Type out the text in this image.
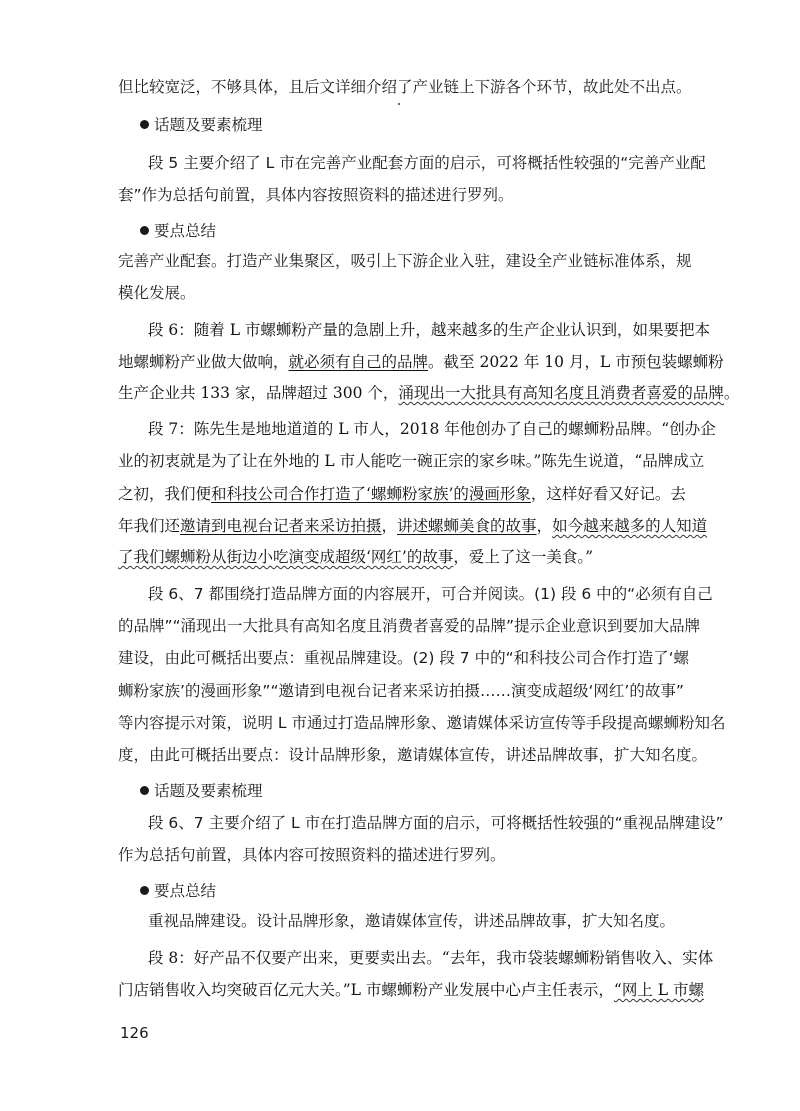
但比较宽泛，不够具体，且后文详细介绍了产业链上下游各个环节，故此处不出点。
话题及要素梳理
段 5 主要介绍了 L 市在完善产业配套方面的启示，可将概括性较强的“完善产业配
套”作为总括句前置，具体内容按照资料的描述进行罗列。
要点总结
完善产业配套。打造产业集聚区，吸引上下游企业入驻，建设全产业链标准体系，规
模化发展。
段 6：随着 L 市螺蛳粉产量的急剧上升，越来越多的生产企业认识到，如果要把本
地螺蛳粉产业做大做响，就必须有自己的品牌。截至 2022 年 10 月，L 市预包装螺蛳粉
生产企业共 133 家，品牌超过 300 个，涌现出一大批具有高知名度且消费者喜爱的品牌。
段 7：陈先生是地地道道的 L 市人，2018 年他创办了自己的螺蛳粉品牌。“创办企
业的初衷就是为了让在外地的 L 市人能吃一碗正宗的家乡味。”陈先生说道，“品牌成立
之初，我们便和科技公司合作打造了‘螺蛳粉家族’的漫画形象，这样好看又好记。去
年我们还邀请到电视台记者来采访拍摄，讲述螺蛳美食的故事，如今越来越多的人知道
了我们螺蛳粉从街边小吃演变成超级‘网红’的故事，爱上了这一美食。”
段 6、7 都围绕打造品牌方面的内容展开，可合并阅读。(1) 段 6 中的“必须有自己
的品牌”“涌现出一大批具有高知名度且消费者喜爱的品牌”提示企业意识到要加大品牌
建设，由此可概括出要点：重视品牌建设。(2) 段 7 中的“和科技公司合作打造了‘螺
蛳粉家族’的漫画形象”“邀请到电视台记者来采访拍摄……演变成超级‘网红’的故事”
等内容提示对策，说明 L 市通过打造品牌形象、邀请媒体采访宣传等手段提高螺蛳粉知名
度，由此可概括出要点：设计品牌形象，邀请媒体宣传，讲述品牌故事，扩大知名度。
话题及要素梳理
段 6、7 主要介绍了 L 市在打造品牌方面的启示，可将概括性较强的“重视品牌建设”
作为总括句前置，具体内容可按照资料的描述进行罗列。
要点总结
重视品牌建设。设计品牌形象，邀请媒体宣传，讲述品牌故事，扩大知名度。
段 8：好产品不仅要产出来，更要卖出去。“去年，我市袋装螺蛳粉销售收入、实体
门店销售收入均突破百亿元大关。”L 市螺蛳粉产业发展中心卢主任表示，“网上 L 市螺
126
